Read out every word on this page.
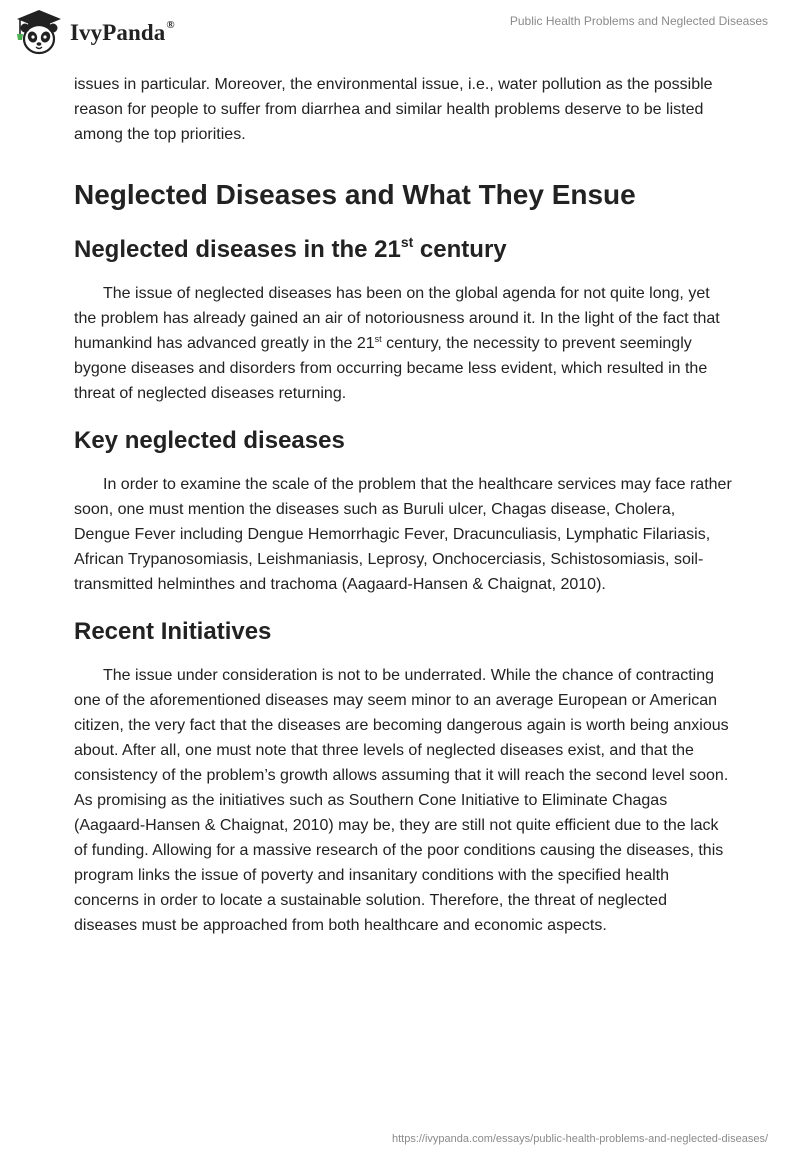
IvyPanda®	Public Health Problems and Neglected Diseases

issues in particular. Moreover, the environmental issue, i.e., water pollution as the possible reason for people to suffer from diarrhea and similar health problems deserve to be listed among the top priorities.

Neglected Diseases and What They Ensue
Neglected diseases in the 21st century

The issue of neglected diseases has been on the global agenda for not quite long, yet the problem has already gained an air of notoriousness around it. In the light of the fact that humankind has advanced greatly in the 21st century, the necessity to prevent seemingly bygone diseases and disorders from occurring became less evident, which resulted in the threat of neglected diseases returning.

Key neglected diseases

In order to examine the scale of the problem that the healthcare services may face rather soon, one must mention the diseases such as Buruli ulcer, Chagas disease, Cholera, Dengue Fever including Dengue Hemorrhagic Fever, Dracunculiasis, Lymphatic Filariasis, African Trypanosomiasis, Leishmaniasis, Leprosy, Onchocerciasis, Schistosomiasis, soil-transmitted helminthes and trachoma (Aagaard-Hansen & Chaignat, 2010).

Recent Initiatives

The issue under consideration is not to be underrated. While the chance of contracting one of the aforementioned diseases may seem minor to an average European or American citizen, the very fact that the diseases are becoming dangerous again is worth being anxious about. After all, one must note that three levels of neglected diseases exist, and that the consistency of the problem’s growth allows assuming that it will reach the second level soon. As promising as the initiatives such as Southern Cone Initiative to Eliminate Chagas (Aagaard-Hansen & Chaignat, 2010) may be, they are still not quite efficient due to the lack of funding. Allowing for a massive research of the poor conditions causing the diseases, this program links the issue of poverty and insanitary conditions with the specified health concerns in order to locate a sustainable solution. Therefore, the threat of neglected diseases must be approached from both healthcare and economic aspects.

https://ivypanda.com/essays/public-health-problems-and-neglected-diseases/
